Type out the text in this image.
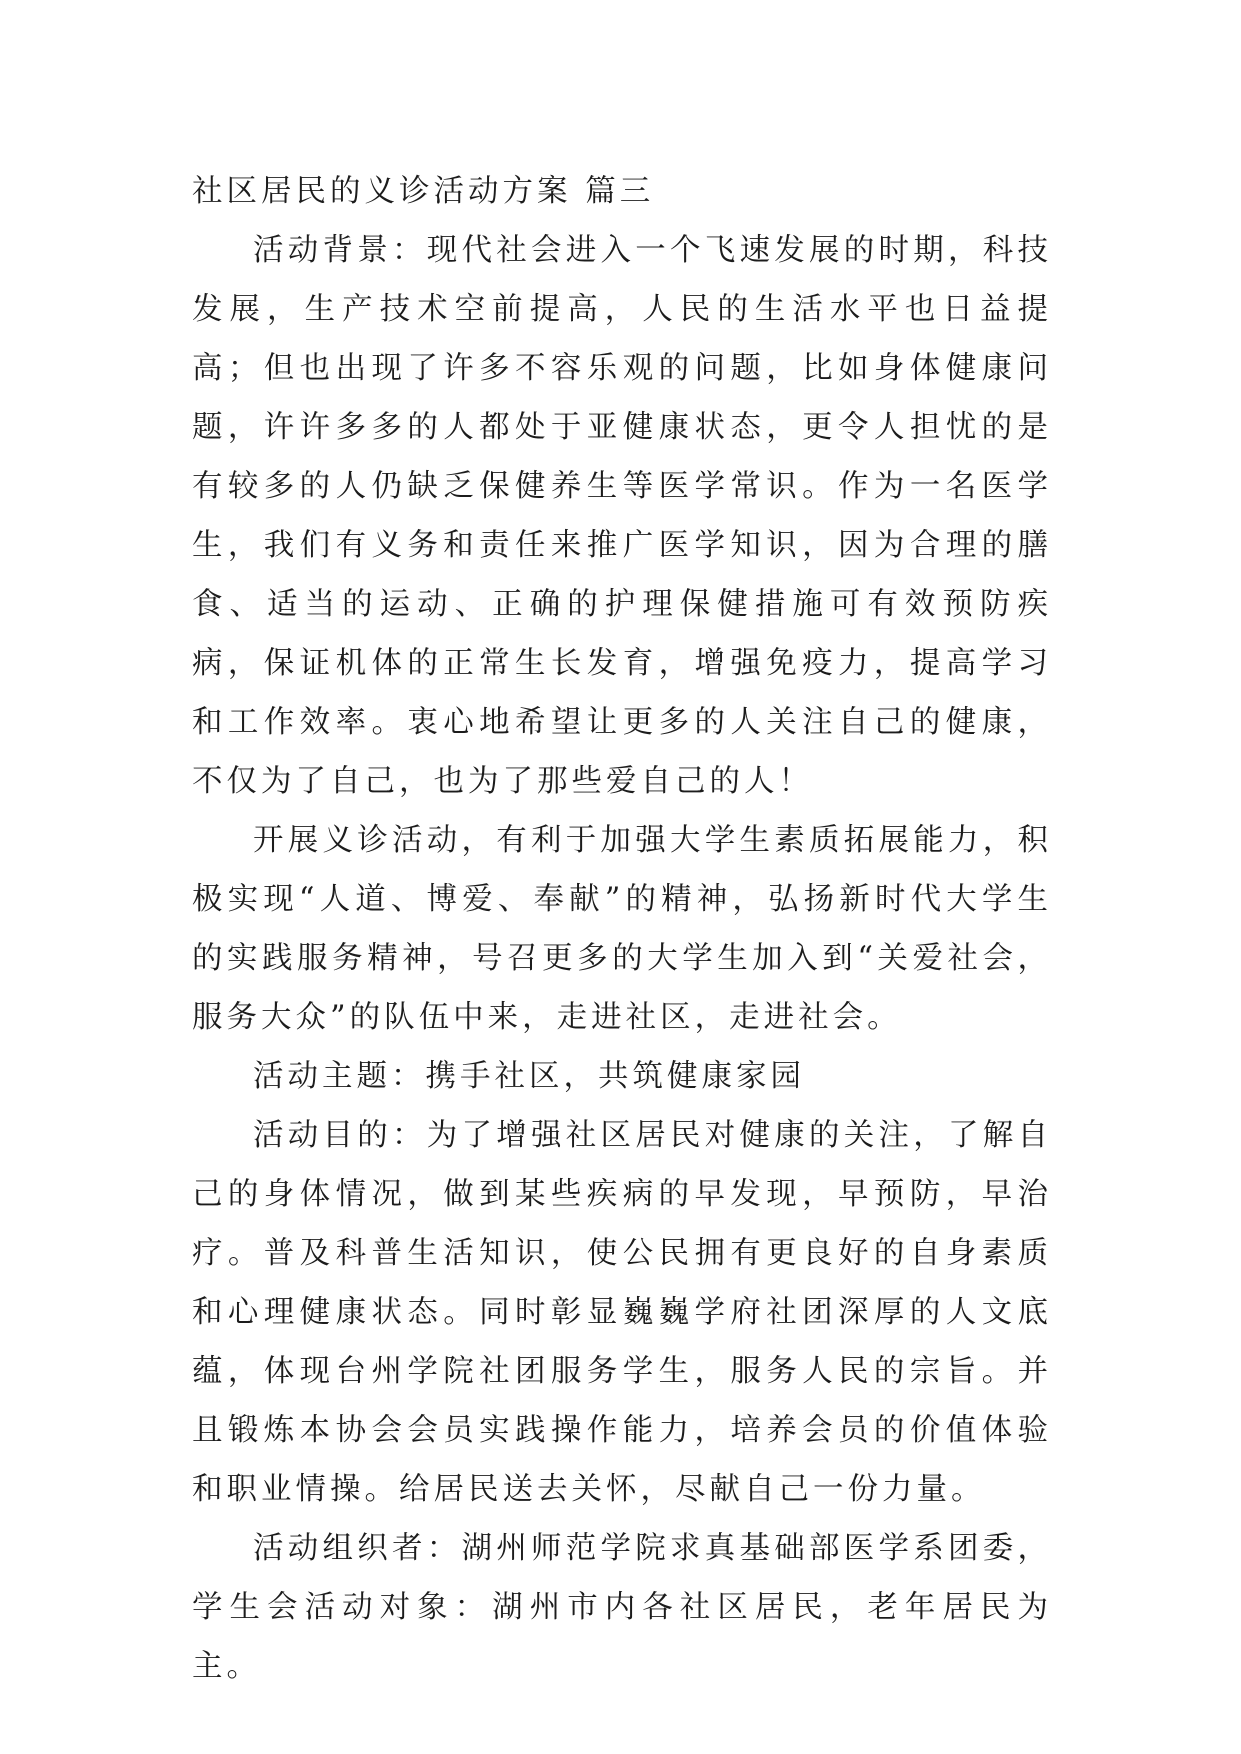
社区居民的义诊活动方案 篇三

活动背景：现代社会进入一个飞速发展的时期，科技发展，生产技术空前提高，人民的生活水平也日益提高；但也出现了许多不容乐观的问题，比如身体健康问题，许许多多的人都处于亚健康状态，更令人担忧的是有较多的人仍缺乏保健养生等医学常识。作为一名医学生，我们有义务和责任来推广医学知识，因为合理的膳食、适当的运动、正确的护理保健措施可有效预防疾病，保证机体的正常生长发育，增强免疫力，提高学习和工作效率。衷心地希望让更多的人关注自己的健康，不仅为了自己，也为了那些爱自己的人！

开展义诊活动，有利于加强大学生素质拓展能力，积极实现“人道、博爱、奉献”的精神，弘扬新时代大学生的实践服务精神，号召更多的大学生加入到“关爱社会，服务大众”的队伍中来，走进社区，走进社会。

活动主题：携手社区，共筑健康家园

活动目的：为了增强社区居民对健康的关注，了解自己的身体情况，做到某些疾病的早发现，早预防，早治疗。普及科普生活知识，使公民拥有更良好的自身素质和心理健康状态。同时彰显巍巍学府社团深厚的人文底蕴，体现台州学院社团服务学生，服务人民的宗旨。并且锻炼本协会会员实践操作能力，培养会员的价值体验和职业情操。给居民送去关怀，尽献自己一份力量。

活动组织者：湖州师范学院求真基础部医学系团委，学生会活动对象：湖州市内各社区居民，老年居民为主。
